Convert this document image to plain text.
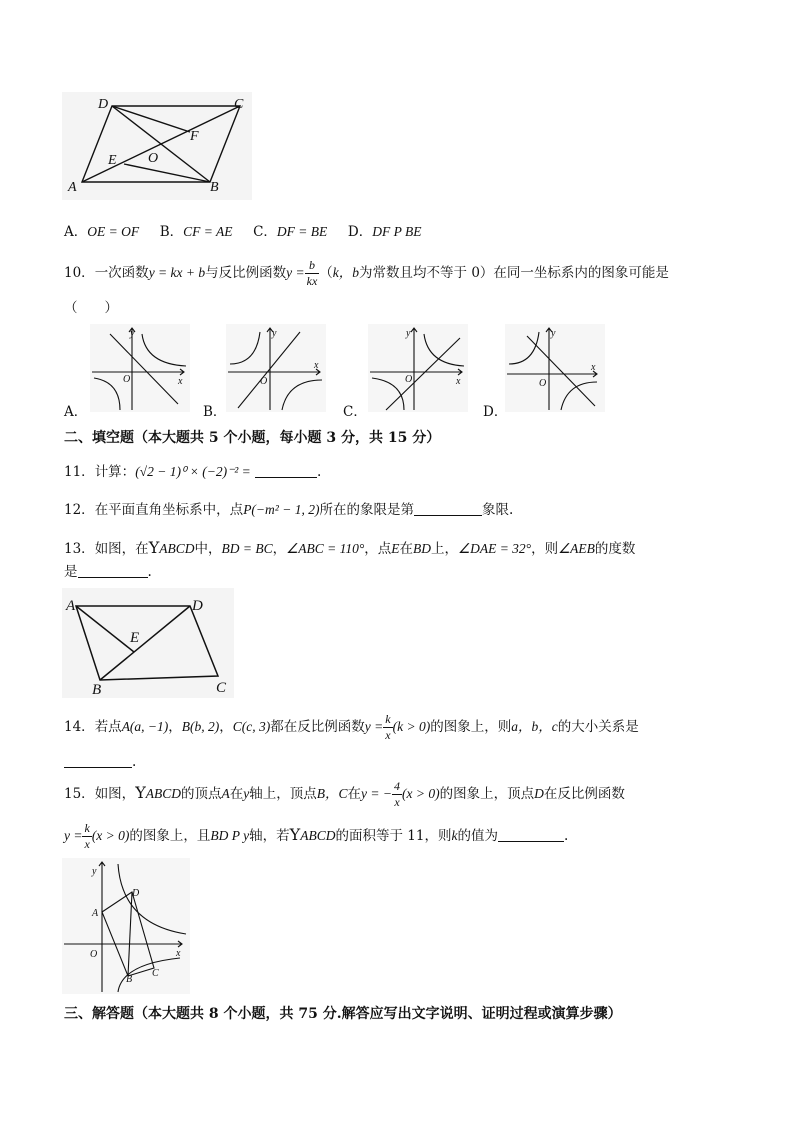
D	C
A	B
F
E O
A．OE = OF B．CF = AE C．DF = BE D．DF P BE
10．一次函数y = kx + b与反比例函数$y = \frac{b}{kx} (k$，b为常数且均不等于 0）在同一坐标系内的图象可能是
（　　）
y
x
O
y
x
O
y
x
O
y
x
O
A．	B．	C．	D．
二、填空题（本大题共 5 个小题，每小题 3 分，共 15 分）
11．计算：(√2 − 1)⁰ × (−2)⁻² =	.
12．在平面直角坐标系中，点P(−m² − 1, 2)所在的象限是第	象限.
13．如图，在YABCD中，BD = BC，∠ABC = 110°，点E在BD上，∠DAE = 32°，则∠AEB的度数
是	.
A	D
B	C
E
14．若点A(a, −1)，B(b, 2)，C(c, 3)都在反比例函数$y = \frac{k}{x} (k > 0)$的图象上，则a，b，c的大小关系是
.
15．如图，YABCD的顶点A在y轴上，顶点B，C在y = − $\frac{4}{x} (x > 0)$的图象上，顶点D在反比例函数
$y = \frac{k}{x} (x > 0)$的图象上，且BD P y轴，若YABCD的面积等于 11，则k的值为	.
y
x
O
A
D
B
C
三、解答题（本大题共 8 个小题，共 75 分.解答应写出文字说明、证明过程或演算步骤）
